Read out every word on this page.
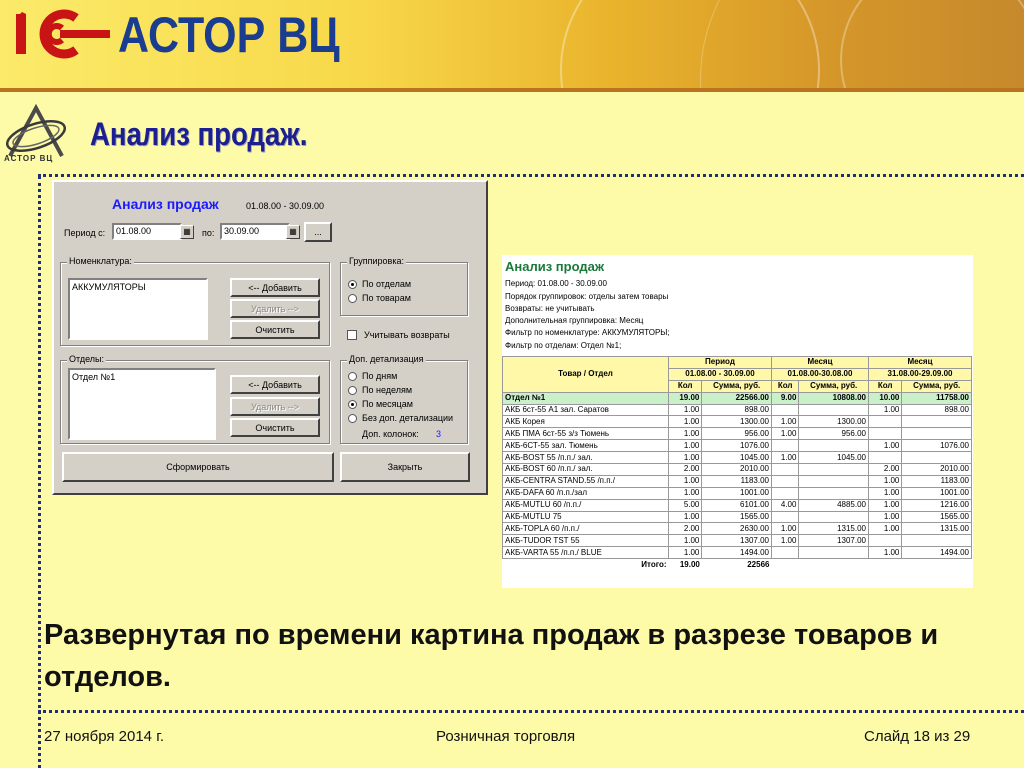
АСТОР ВЦ
АСТОР ВЦ
Анализ продаж.
Анализ продаж	01.08.00 - 30.09.00
Период с:	01.08.00	▦	по:	30.09.00	▦	...
Номенклатура:
АККУМУЛЯТОРЫ	<-- Добавить
Удалить -->
Очистить
Группировка:
По отделам
По товарам
Учитывать возвраты
Отделы:
Отдел №1
<-- Добавить
Удалить -->
Очистить
Доп. детализация
По дням
По неделям
По месяцам
Без доп. детализации
Доп. колонок: 3
Сформировать	Закрыть
Анализ продаж
Период: 01.08.00 - 30.09.00
Порядок группировок: отделы затем товары
Возвраты: не учитывать
Дополнительная группировка: Месяц
Фильтр по номенклатуре: АККУМУЛЯТОРЫ;
Фильтр по отделам: Отдел №1;
Товар / Отдел	Период		Месяц		Месяц	
	01.08.00 - 30.09.00		01.08.00-30.08.00		31.08.00-29.09.00	
	Кол	Сумма, руб.	Кол	Сумма, руб.	Кол	Сумма, руб.
Отдел №1	19.00	22566.00	9.00	10808.00	10.00	11758.00
АКБ 6ст-55 А1 зал. Саратов	1.00	898.00			1.00	898.00
АКБ Корея	1.00	1300.00	1.00	1300.00		
АКБ ПМА 6ст-55 з/з Тюмень	1.00	956.00	1.00	956.00		
АКБ-6СТ-55 зал. Тюмень	1.00	1076.00			1.00	1076.00
АКБ-BOST 55 /п.п./ зал.	1.00	1045.00	1.00	1045.00		
АКБ-BOST 60 /п.п./ зал.	2.00	2010.00			2.00	2010.00
АКБ-CENTRA STAND.55 /п.п./	1.00	1183.00			1.00	1183.00
АКБ-DAFA 60 /п.п./зал	1.00	1001.00			1.00	1001.00
АКБ-MUTLU 60 /п.п./	5.00	6101.00	4.00	4885.00	1.00	1216.00
АКБ-MUTLU 75	1.00	1565.00			1.00	1565.00
АКБ-TOPLA 60 /п.п./	2.00	2630.00	1.00	1315.00	1.00	1315.00
АКБ-TUDOR TST 55	1.00	1307.00	1.00	1307.00		
АКБ-VARTA 55 /п.п./ BLUE	1.00	1494.00			1.00	1494.00
Итого:	19.00	22566				
Развернутая по времени картина продаж в разрезе товаров и отделов.
27 ноября 2014 г.	Розничная торговля	Слайд 18 из 29
